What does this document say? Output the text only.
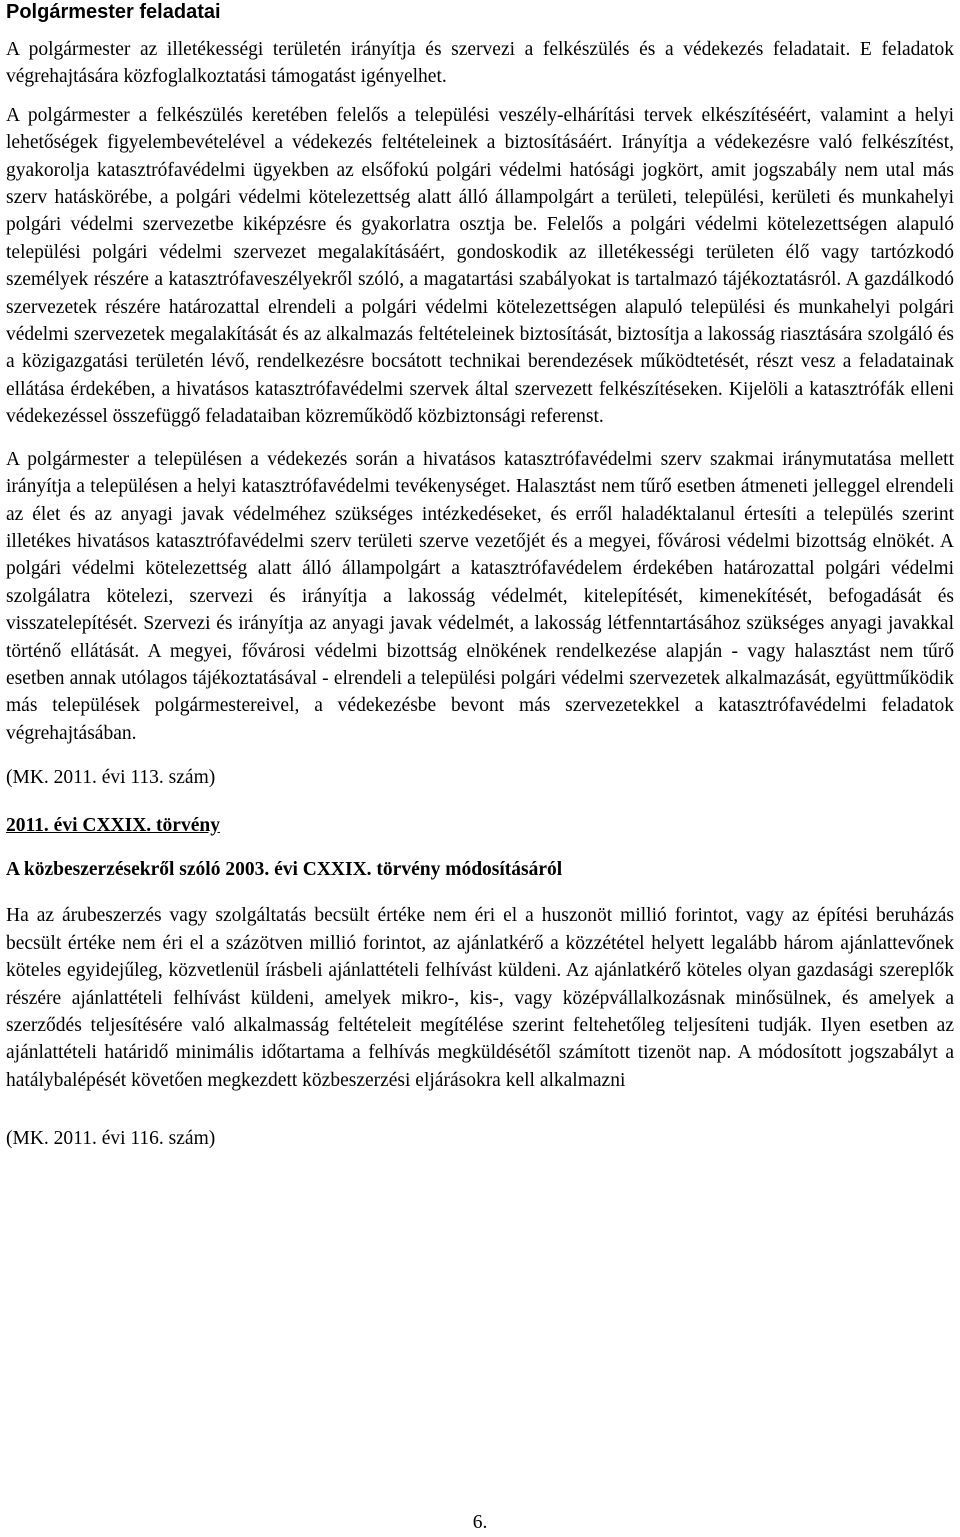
Polgármester feladatai

A polgármester az illetékességi területén irányítja és szervezi a felkészülés és a védekezés feladatait. E feladatok végrehajtására közfoglalkoztatási támogatást igényelhet.

A polgármester a felkészülés keretében felelős a települési veszély-elhárítási tervek elkészítéséért, valamint a helyi lehetőségek figyelembevételével a védekezés feltételeinek a biztosításáért. Irányítja a védekezésre való felkészítést, gyakorolja katasztrófavédelmi ügyekben az elsőfokú polgári védelmi hatósági jogkört, amit jogszabály nem utal más szerv hatáskörébe, a polgári védelmi kötelezettség alatt álló állampolgárt a területi, települési, kerületi és munkahelyi polgári védelmi szervezetbe kiképzésre és gyakorlatra osztja be. Felelős a polgári védelmi kötelezettségen alapuló települési polgári védelmi szervezet megalakításáért, gondoskodik az illetékességi területen élő vagy tartózkodó személyek részére a katasztrófaveszélyekről szóló, a magatartási szabályokat is tartalmazó tájékoztatásról. A gazdálkodó szervezetek részére határozattal elrendeli a polgári védelmi kötelezettségen alapuló települési és munkahelyi polgári védelmi szervezetek megalakítását és az alkalmazás feltételeinek biztosítását, biztosítja a lakosság riasztására szolgáló és a közigazgatási területén lévő, rendelkezésre bocsátott technikai berendezések működtetését, részt vesz a feladatainak ellátása érdekében, a hivatásos katasztrófavédelmi szervek által szervezett felkészítéseken. Kijelöli a katasztrófák elleni védekezéssel összefüggő feladataiban közreműködő közbiztonsági referenst.

A polgármester a településen a védekezés során a hivatásos katasztrófavédelmi szerv szakmai iránymutatása mellett irányítja a településen a helyi katasztrófavédelmi tevékenységet. Halasztást nem tűrő esetben átmeneti jelleggel elrendeli az élet és az anyagi javak védelméhez szükséges intézkedéseket, és erről haladéktalanul értesíti a település szerint illetékes hivatásos katasztrófavédelmi szerv területi szerve vezetőjét és a megyei, fővárosi védelmi bizottság elnökét. A polgári védelmi kötelezettség alatt álló állampolgárt a katasztrófavédelem érdekében határozattal polgári védelmi szolgálatra kötelezi, szervezi és irányítja a lakosság védelmét, kitelepítését, kimenekítését, befogadását és visszatelepítését. Szervezi és irányítja az anyagi javak védelmét, a lakosság létfenntartásához szükséges anyagi javakkal történő ellátását. A megyei, fővárosi védelmi bizottság elnökének rendelkezése alapján - vagy halasztást nem tűrő esetben annak utólagos tájékoztatásával - elrendeli a települési polgári védelmi szervezetek alkalmazását, együttműködik más települések polgármestereivel, a védekezésbe bevont más szervezetekkel a katasztrófavédelmi feladatok végrehajtásában.

(MK. 2011. évi 113. szám)

2011. évi CXXIX. törvény

A közbeszerzésekről szóló 2003. évi CXXIX. törvény módosításáról

Ha az árubeszerzés vagy szolgáltatás becsült értéke nem éri el a huszonöt millió forintot, vagy az építési beruházás becsült értéke nem éri el a százötven millió forintot, az ajánlatkérő a közzététel helyett legalább három ajánlattevőnek köteles egyidejűleg, közvetlenül írásbeli ajánlattételi felhívást küldeni. Az ajánlatkérő köteles olyan gazdasági szereplők részére ajánlattételi felhívást küldeni, amelyek mikro-, kis-, vagy középvállalkozásnak minősülnek, és amelyek a szerződés teljesítésére való alkalmasság feltételeit megítélése szerint feltehetőleg teljesíteni tudják. Ilyen esetben az ajánlattételi határidő minimális időtartama a felhívás megküldésétől számított tizenöt nap. A módosított jogszabályt a hatálybalépését követően megkezdett közbeszerzési eljárásokra kell alkalmazni

(MK. 2011. évi 116. szám)

6.
